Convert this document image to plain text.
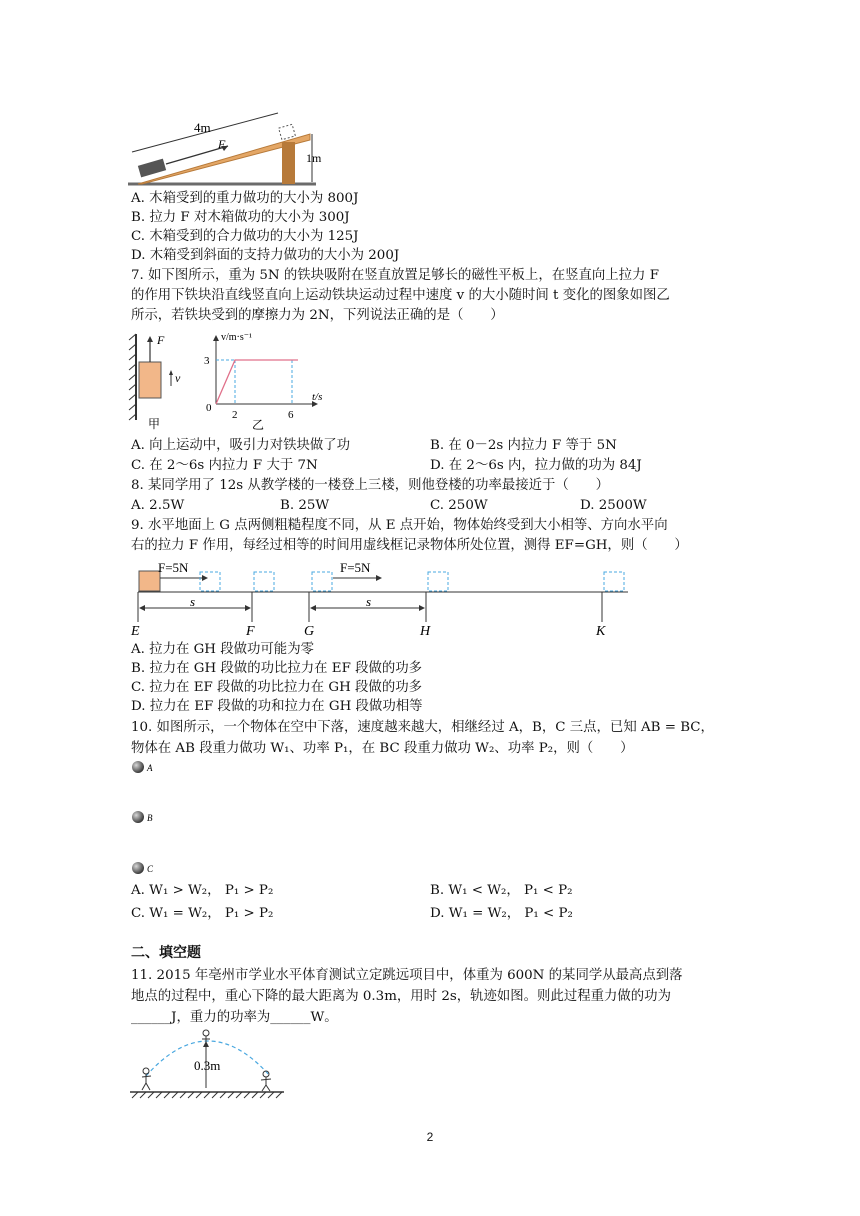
F
4m
1m
A. 木箱受到的重力做功的大小为 800J
B. 拉力 F 对木箱做功的大小为 300J
C. 木箱受到的合力做功的大小为 125J
D. 木箱受到斜面的支持力做功的大小为 200J
7. 如下图所示，重为 5N 的铁块吸附在竖直放置足够长的磁性平板上，在竖直向上拉力 F
的作用下铁块沿直线竖直向上运动铁块运动过程中速度 v 的大小随时间 t 变化的图象如图乙
所示，若铁块受到的摩擦力为 2N，下列说法正确的是（　　）
F
v
甲
v/m·s⁻¹
t/s
3
0
2	6
乙
A. 向上运动中，吸引力对铁块做了功	B. 在 0－2s 内拉力 F 等于 5N
C. 在 2～6s 内拉力 F 大于 7N	D. 在 2～6s 内，拉力做的功为 84J
8. 某同学用了 12s 从教学楼的一楼登上三楼，则他登楼的功率最接近于（　　）
A. 2.5W	B. 25W	C. 250W	D. 2500W
9. 水平地面上 G 点两侧粗糙程度不同，从 E 点开始，物体始终受到大小相等、方向水平向
右的拉力 F 作用，每经过相等的时间用虚线框记录物体所处位置，测得 EF=GH，则（　　）
F=5N	F=5N
s	s
E	F	G	H	K
A. 拉力在 GH 段做功可能为零
B. 拉力在 GH 段做的功比拉力在 EF 段做的功多
C. 拉力在 EF 段做的功比拉力在 GH 段做的功多
D. 拉力在 EF 段做的功和拉力在 GH 段做功相等
10. 如图所示，一个物体在空中下落，速度越来越大，相继经过 A，B，C 三点，已知 AB = BC，
物体在 AB 段重力做功 W₁、功率 P₁，在 BC 段重力做功 W₂、功率 P₂，则（　　）
A
B
C
A. W₁ > W₂， P₁ > P₂	B. W₁ < W₂， P₁ < P₂
C. W₁ = W₂， P₁ > P₂	D. W₁ = W₂， P₁ < P₂
二、填空题
11. 2015 年亳州市学业水平体育测试立定跳远项目中，体重为 600N 的某同学从最高点到落
地点的过程中，重心下降的最大距离为 0.3m，用时 2s，轨迹如图。则此过程重力做的功为
______J，重力的功率为______W。
0.3m
2
